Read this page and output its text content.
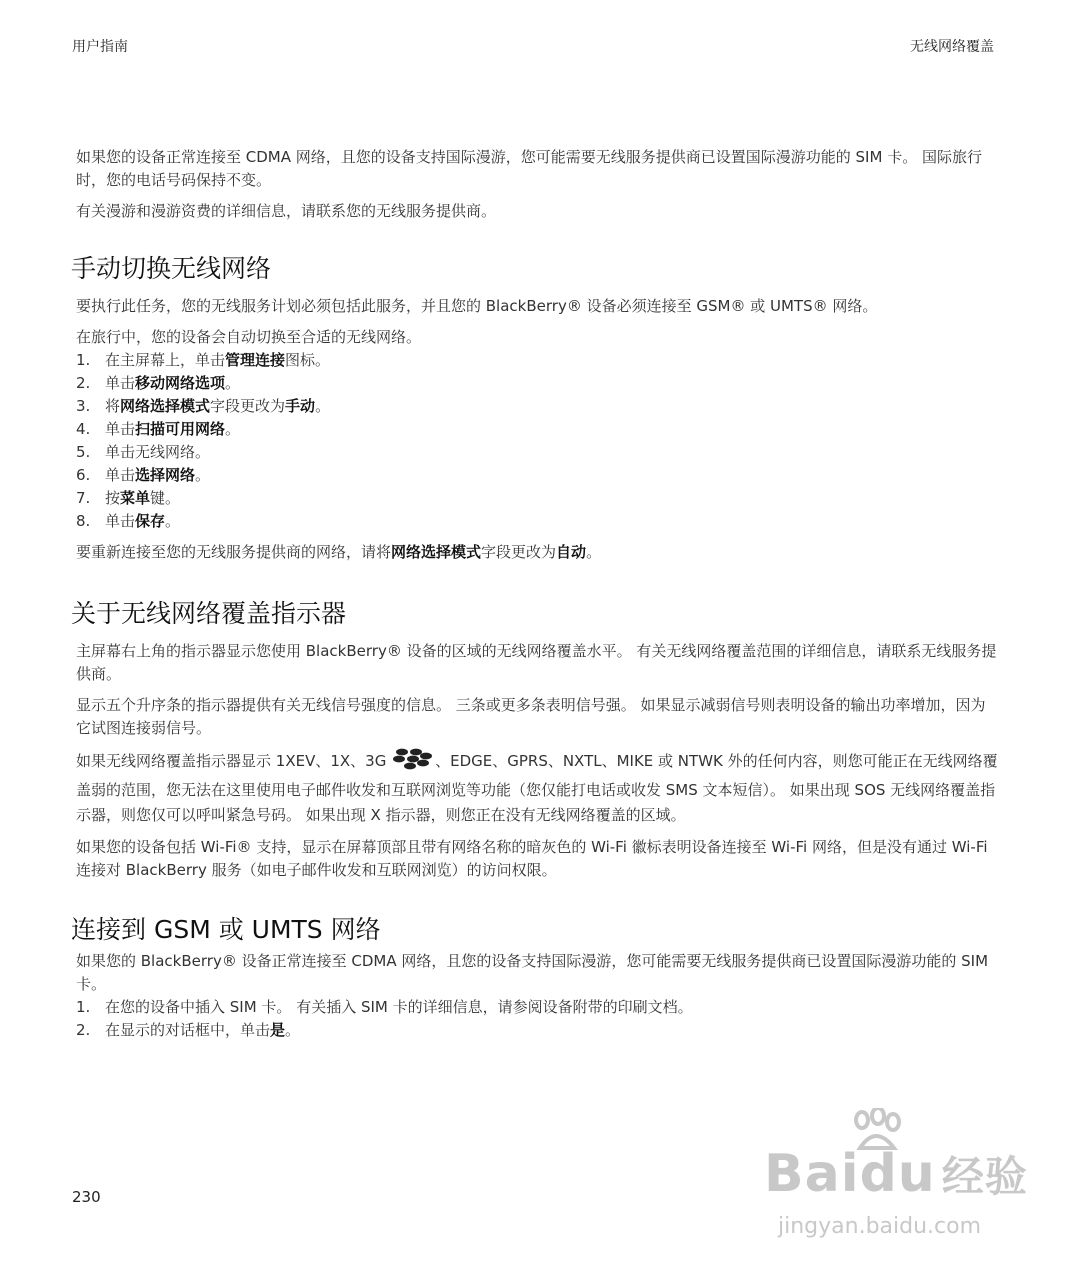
用户指南	无线网络覆盖

如果您的设备正常连接至 CDMA 网络，且您的设备支持国际漫游，您可能需要无线服务提供商已设置国际漫游功能的 SIM 卡。 国际旅行时，您的电话号码保持不变。

有关漫游和漫游资费的详细信息，请联系您的无线服务提供商。

手动切换无线网络

要执行此任务，您的无线服务计划必须包括此服务，并且您的 BlackBerry® 设备必须连接至 GSM® 或 UMTS® 网络。

在旅行中，您的设备会自动切换至合适的无线网络。

1. 在主屏幕上，单击管理连接图标。
2. 单击移动网络选项。
3. 将网络选择模式字段更改为手动。
4. 单击扫描可用网络。
5. 单击无线网络。
6. 单击选择网络。
7. 按菜单键。
8. 单击保存。

要重新连接至您的无线服务提供商的网络，请将网络选择模式字段更改为自动。

关于无线网络覆盖指示器

主屏幕右上角的指示器显示您使用 BlackBerry® 设备的区域的无线网络覆盖水平。 有关无线网络覆盖范围的详细信息，请联系无线服务提供商。

显示五个升序条的指示器提供有关无线信号强度的信息。 三条或更多条表明信号强。 如果显示减弱信号则表明设备的输出功率增加，因为它试图连接弱信号。

如果无线网络覆盖指示器显示 1XEV、1X、3G	、EDGE、GPRS、NXTL、MIKE 或 NTWK 外的任何内容，则您可能正在无线网络覆盖弱的范围，您无法在这里使用电子邮件收发和互联网浏览等功能（您仅能打电话或收发 SMS 文本短信）。 如果出现 SOS 无线网络覆盖指示器，则您仅可以呼叫紧急号码。 如果出现 X 指示器，则您正在没有无线网络覆盖的区域。

如果您的设备包括 Wi-Fi® 支持，显示在屏幕顶部且带有网络名称的暗灰色的 Wi-Fi 徽标表明设备连接至 Wi-Fi 网络，但是没有通过 Wi-Fi 连接对 BlackBerry 服务（如电子邮件收发和互联网浏览）的访问权限。

连接到 GSM 或 UMTS 网络

如果您的 BlackBerry® 设备正常连接至 CDMA 网络，且您的设备支持国际漫游，您可能需要无线服务提供商已设置国际漫游功能的 SIM 卡。

1. 在您的设备中插入 SIM 卡。 有关插入 SIM 卡的详细信息，请参阅设备附带的印刷文档。
2. 在显示的对话框中，单击是。
230	Baidu 经验
jingyan.baidu.com
